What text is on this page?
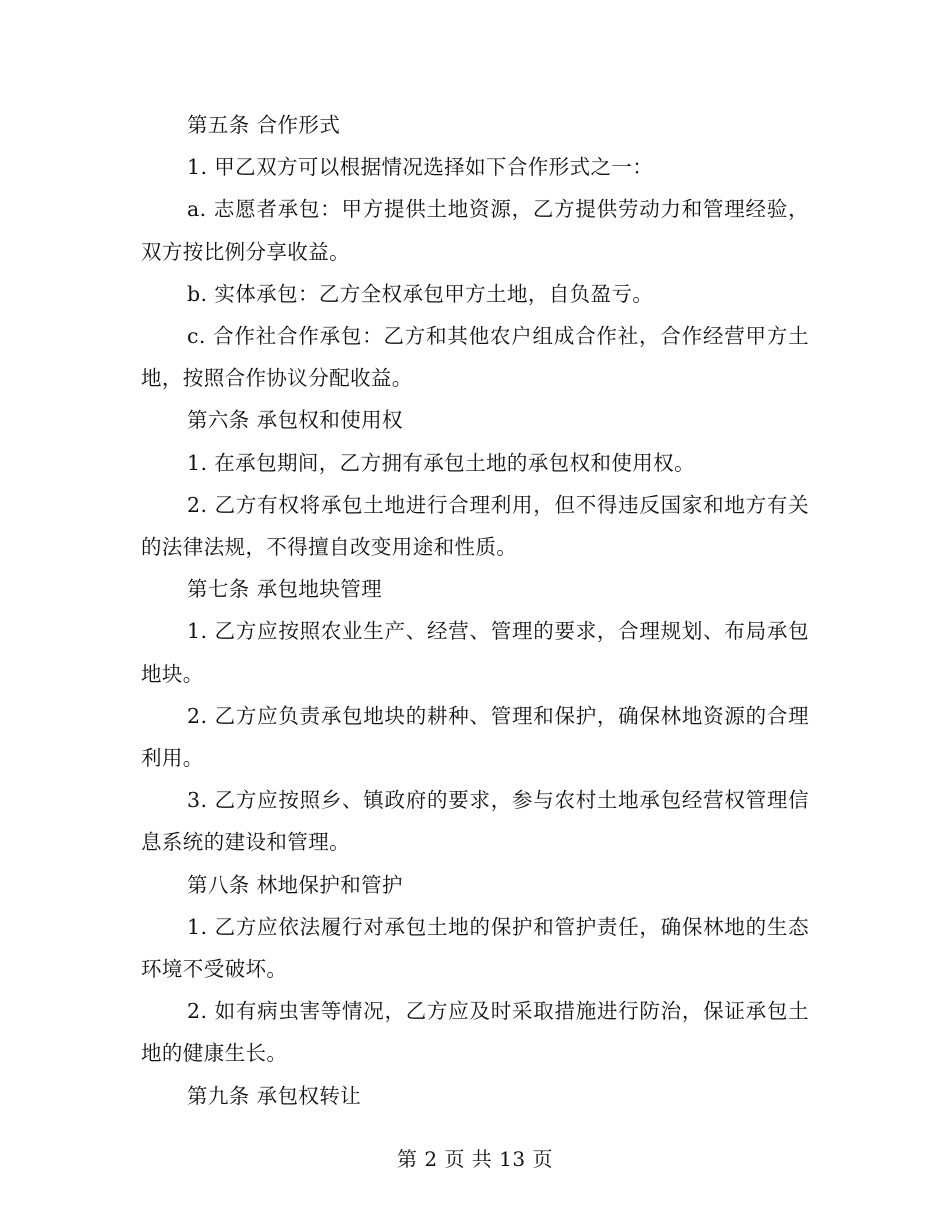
第五条 合作形式

1. 甲乙双方可以根据情况选择如下合作形式之一：

a. 志愿者承包：甲方提供土地资源，乙方提供劳动力和管理经验，双方按比例分享收益。

b. 实体承包：乙方全权承包甲方土地，自负盈亏。

c. 合作社合作承包：乙方和其他农户组成合作社，合作经营甲方土地，按照合作协议分配收益。

第六条 承包权和使用权

1. 在承包期间，乙方拥有承包土地的承包权和使用权。

2. 乙方有权将承包土地进行合理利用，但不得违反国家和地方有关的法律法规，不得擅自改变用途和性质。

第七条 承包地块管理

1. 乙方应按照农业生产、经营、管理的要求，合理规划、布局承包地块。

2. 乙方应负责承包地块的耕种、管理和保护，确保林地资源的合理利用。

3. 乙方应按照乡、镇政府的要求，参与农村土地承包经营权管理信息系统的建设和管理。

第八条 林地保护和管护

1. 乙方应依法履行对承包土地的保护和管护责任，确保林地的生态环境不受破坏。

2. 如有病虫害等情况，乙方应及时采取措施进行防治，保证承包土地的健康生长。

第九条 承包权转让

第 2 页 共 13 页
